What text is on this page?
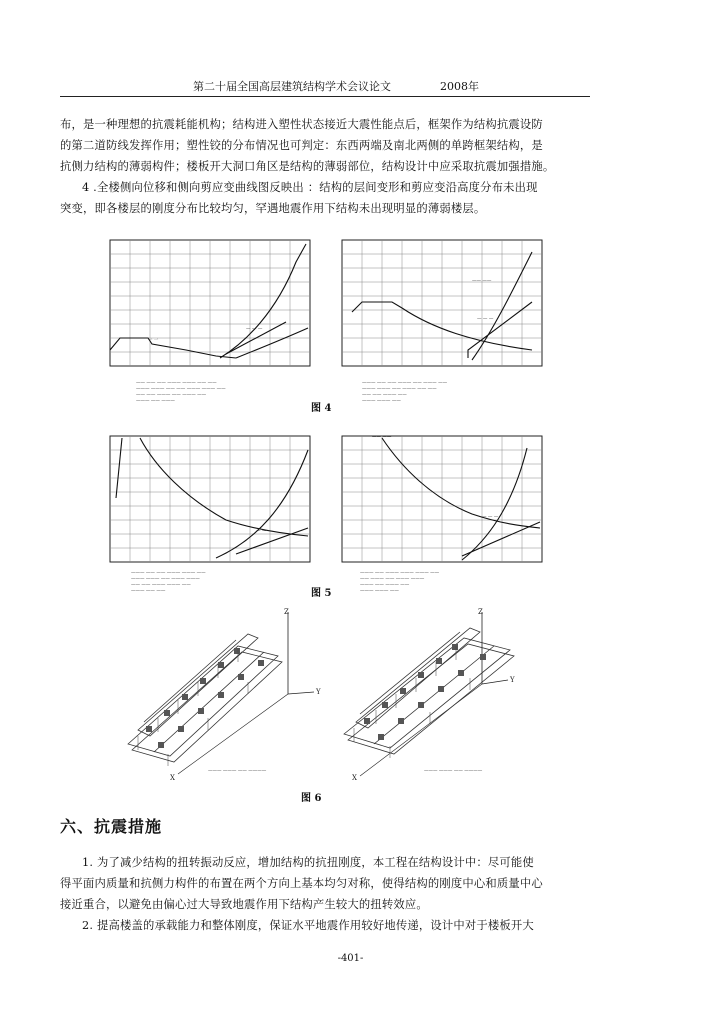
第二十届全国高层建筑结构学术会议论文	2008年

布，是一种理想的抗震耗能机构；结构进入塑性状态接近大震性能点后，框架作为结构抗震设防

的第二道防线发挥作用；塑性铰的分布情况也可判定：东西两端及南北两侧的单跨框架结构，是

抗侧力结构的薄弱构件；楼板开大洞口角区是结构的薄弱部位，结构设计中应采取抗震加强措施。

4 .全楼侧向位移和侧向剪应变曲线图反映出 ：结构的层间变形和剪应变沿高度分布未出现

突变，即各楼层的刚度分布比较均匀，罕遇地震作用下结构未出现明显的薄弱楼层。

一 一
— — —
—— —— —— ——— ——— —— ——
——— ——— —— —— ——— ——— ——
—— —— ——— —— ——— ——
——— —— ———
—— ——
— — —
——— —— —— ——— —— ——— ——
——— ——— —— ——— —— ——
—— —— ——— ——
——— ——— ——
图 4
— — —
——— —— —— ——— ——— ——
——— ——— —— ——— ———
—— —— ——— ——— ——
——— —— ——
—— ——
— — —
——— —— ——— ——— ——— ——
—— ——— —— ——— ———
——— —— ——— ——
——— ——— ——
图 5
Z
Y
X
——— ——— —— ————
Z
Y
X
——— ——— —— ————
图 6
六、抗震措施

1. 为了减少结构的扭转振动反应，增加结构的抗扭刚度，本工程在结构设计中：尽可能使

得平面内质量和抗侧力构件的布置在两个方向上基本均匀对称，使得结构的刚度中心和质量中心

接近重合，以避免由偏心过大导致地震作用下结构产生较大的扭转效应。

2. 提高楼盖的承载能力和整体刚度，保证水平地震作用较好地传递，设计中对于楼板开大

-401-
